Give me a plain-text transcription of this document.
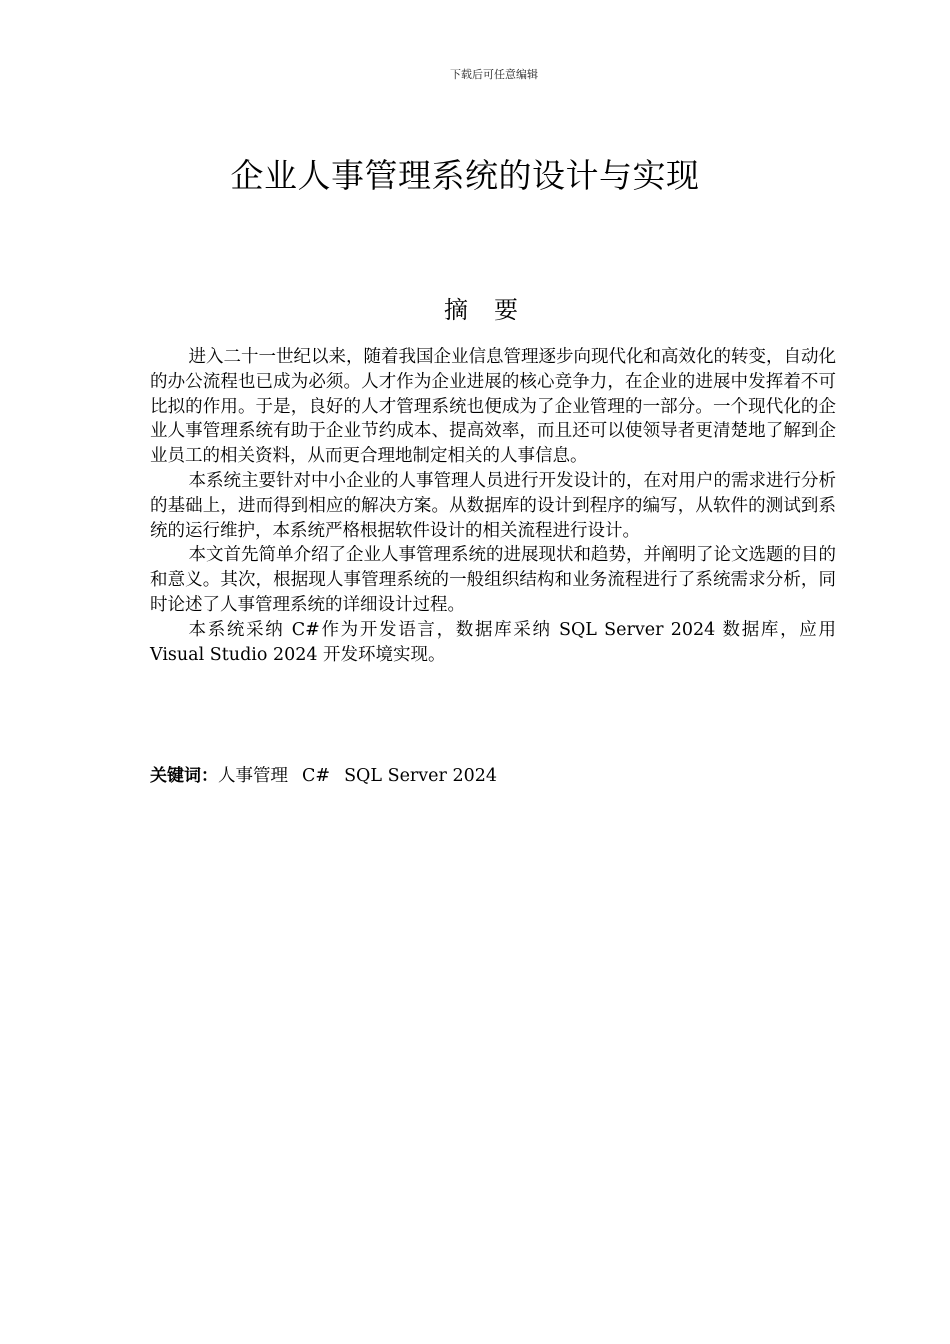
下载后可任意编辑
企业人事管理系统的设计与实现
摘要

进入二十一世纪以来，随着我国企业信息管理逐步向现代化和高效化的转变，自动化的办公流程也已成为必须。人才作为企业进展的核心竞争力，在企业的进展中发挥着不可比拟的作用。于是，良好的人才管理系统也便成为了企业管理的一部分。一个现代化的企业人事管理系统有助于企业节约成本、提高效率，而且还可以使领导者更清楚地了解到企业员工的相关资料，从而更合理地制定相关的人事信息。

本系统主要针对中小企业的人事管理人员进行开发设计的，在对用户的需求进行分析的基础上，进而得到相应的解决方案。从数据库的设计到程序的编写，从软件的测试到系统的运行维护，本系统严格根据软件设计的相关流程进行设计。

本文首先简单介绍了企业人事管理系统的进展现状和趋势，并阐明了论文选题的目的和意义。其次，根据现人事管理系统的一般组织结构和业务流程进行了系统需求分析，同时论述了人事管理系统的详细设计过程。

本系统采纳 C#作为开发语言，数据库采纳 SQL Server 2024 数据库，应用 Visual Studio 2024 开发环境实现。

关键词：人事管理 C# SQL Server 2024
